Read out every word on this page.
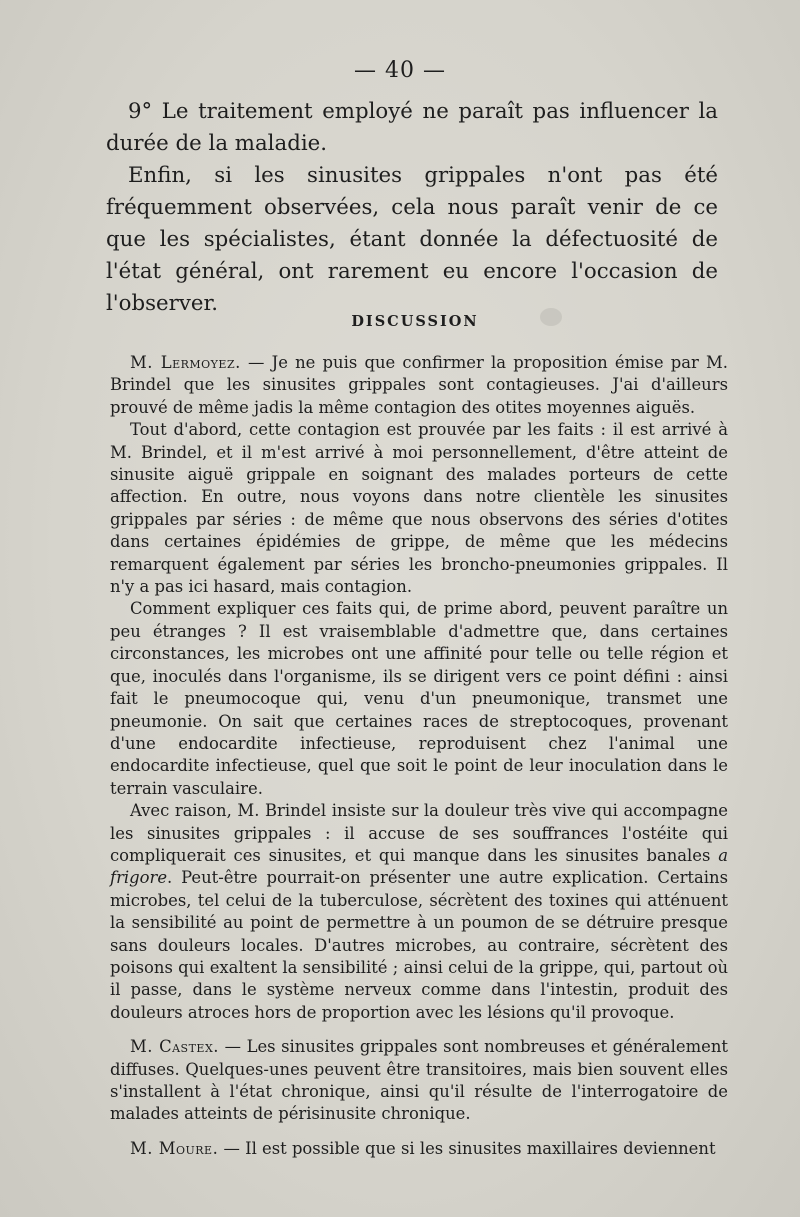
— 40 —

9° Le traitement employé ne paraît pas influencer la durée de la maladie.

Enfin, si les sinusites grippales n'ont pas été fréquemment observées, cela nous paraît venir de ce que les spécialistes, étant donnée la défectuosité de l'état général, ont rarement eu encore l'occasion de l'observer.

DISCUSSION

M. Lermoyez. — Je ne puis que confirmer la proposition émise par M. Brindel que les sinusites grippales sont contagieuses. J'ai d'ailleurs prouvé de même jadis la même contagion des otites moyennes aiguës.

Tout d'abord, cette contagion est prouvée par les faits : il est arrivé à M. Brindel, et il m'est arrivé à moi personnellement, d'être atteint de sinusite aiguë grippale en soignant des malades porteurs de cette affection. En outre, nous voyons dans notre clientèle les sinusites grippales par séries : de même que nous observons des séries d'otites dans certaines épidémies de grippe, de même que les médecins remarquent également par séries les broncho-pneumonies grippales. Il n'y a pas ici hasard, mais contagion.

Comment expliquer ces faits qui, de prime abord, peuvent paraître un peu étranges ? Il est vraisemblable d'admettre que, dans certaines circonstances, les microbes ont une affinité pour telle ou telle région et que, inoculés dans l'organisme, ils se dirigent vers ce point défini : ainsi fait le pneumocoque qui, venu d'un pneumonique, transmet une pneumonie. On sait que certaines races de streptocoques, provenant d'une endocardite infectieuse, reproduisent chez l'animal une endocardite infectieuse, quel que soit le point de leur inoculation dans le terrain vasculaire.

Avec raison, M. Brindel insiste sur la douleur très vive qui accompagne les sinusites grippales : il accuse de ses souffrances l'ostéite qui compliquerait ces sinusites, et qui manque dans les sinusites banales a frigore. Peut-être pourrait-on présenter une autre explication. Certains microbes, tel celui de la tuberculose, sécrètent des toxines qui atténuent la sensibilité au point de permettre à un poumon de se détruire presque sans douleurs locales. D'autres microbes, au contraire, sécrètent des poisons qui exaltent la sensibilité ; ainsi celui de la grippe, qui, partout où il passe, dans le système nerveux comme dans l'intestin, produit des douleurs atroces hors de proportion avec les lésions qu'il provoque.

M. Castex. — Les sinusites grippales sont nombreuses et généralement diffuses. Quelques-unes peuvent être transitoires, mais bien souvent elles s'installent à l'état chronique, ainsi qu'il résulte de l'interrogatoire de malades atteints de périsinusite chronique.

M. Moure. — Il est possible que si les sinusites maxillaires deviennent
